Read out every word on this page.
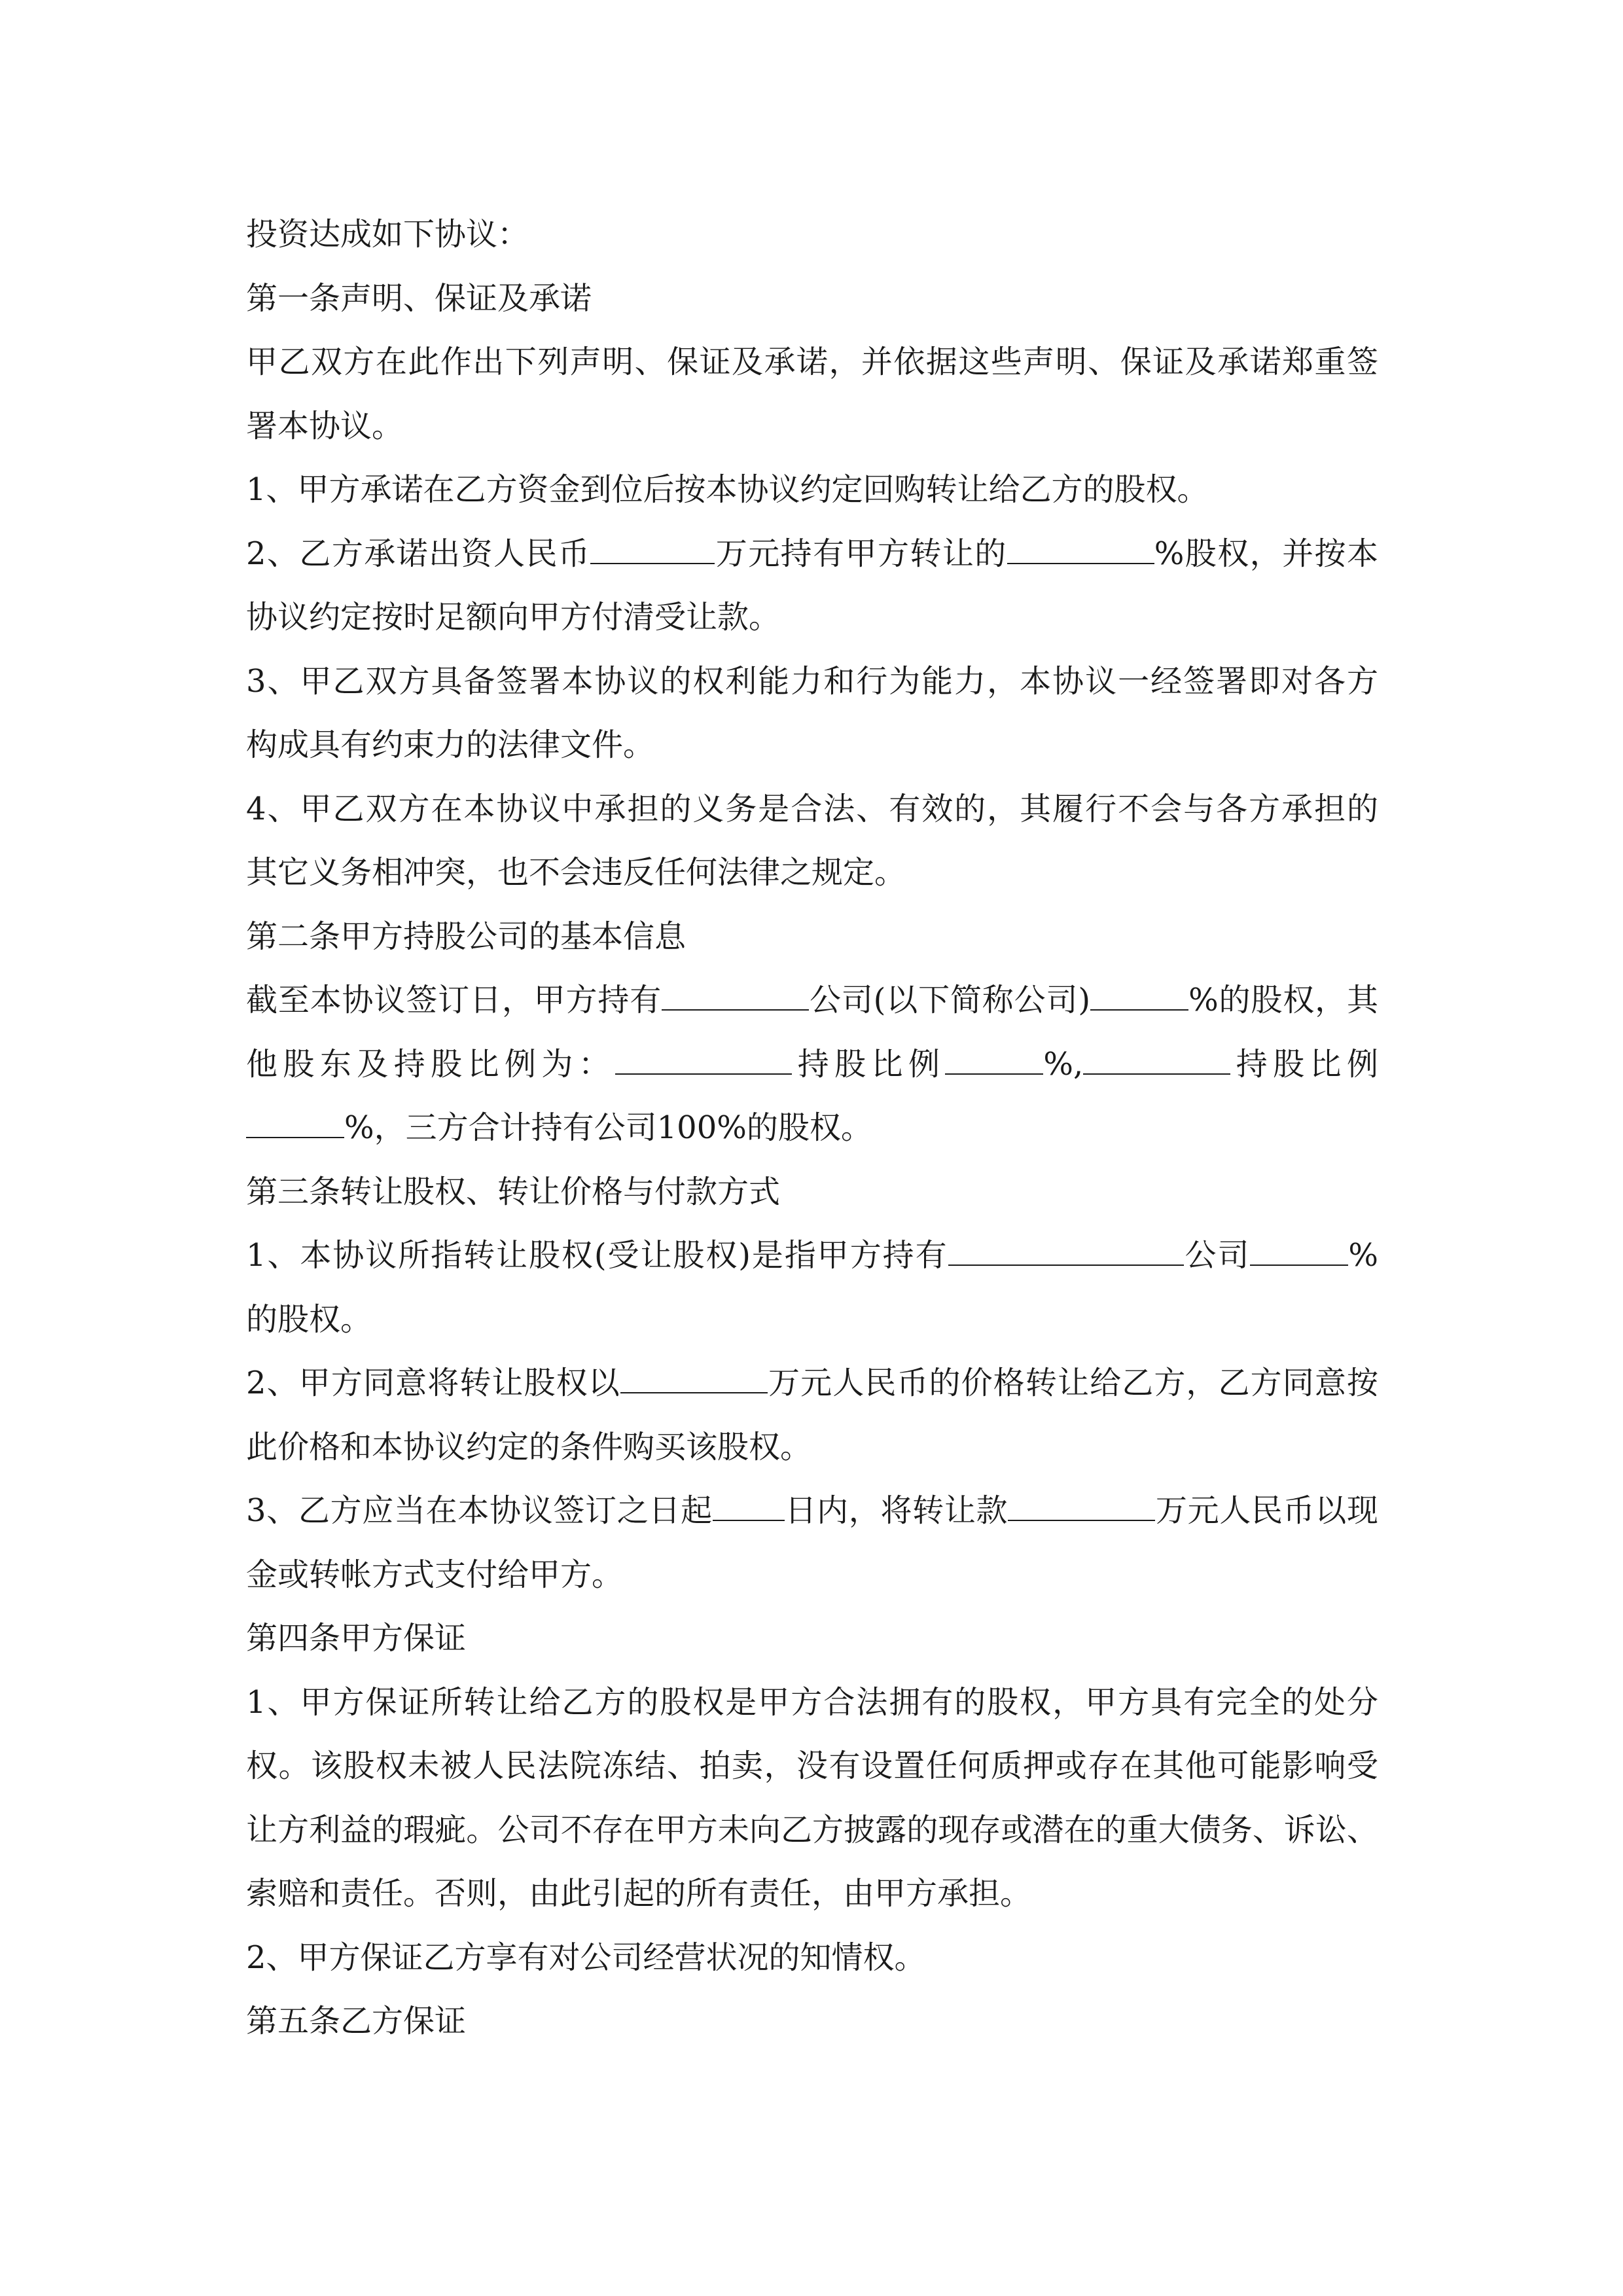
投资达成如下协议：
第一条声明、保证及承诺
甲乙双方在此作出下列声明、保证及承诺，并依据这些声明、保证及承诺郑重签
署本协议。
1、甲方承诺在乙方资金到位后按本协议约定回购转让给乙方的股权。
2、乙方承诺出资人民币	万元持有甲方转让的	%股权，并按本
协议约定按时足额向甲方付清受让款。
3、甲乙双方具备签署本协议的权利能力和行为能力，本协议一经签署即对各方
构成具有约束力的法律文件。
4、甲乙双方在本协议中承担的义务是合法、有效的，其履行不会与各方承担的
其它义务相冲突，也不会违反任何法律之规定。
第二条甲方持股公司的基本信息
截至本协议签订日，甲方持有	公司(以下简称公司)	%的股权，其
他股东及持股比例为：	持股比例	%,	持股比例
%，三方合计持有公司100%的股权。
第三条转让股权、转让价格与付款方式
1、本协议所指转让股权(受让股权)是指甲方持有	公司	%
的股权。
2、甲方同意将转让股权以	万元人民币的价格转让给乙方，乙方同意按
此价格和本协议约定的条件购买该股权。
3、乙方应当在本协议签订之日起 日内，将转让款	万元人民币以现
金或转帐方式支付给甲方。
第四条甲方保证
1、甲方保证所转让给乙方的股权是甲方合法拥有的股权，甲方具有完全的处分
权。该股权未被人民法院冻结、拍卖，没有设置任何质押或存在其他可能影响受
让方利益的瑕疵。公司不存在甲方未向乙方披露的现存或潜在的重大债务、诉讼、
索赔和责任。否则，由此引起的所有责任，由甲方承担。
2、甲方保证乙方享有对公司经营状况的知情权。
第五条乙方保证
